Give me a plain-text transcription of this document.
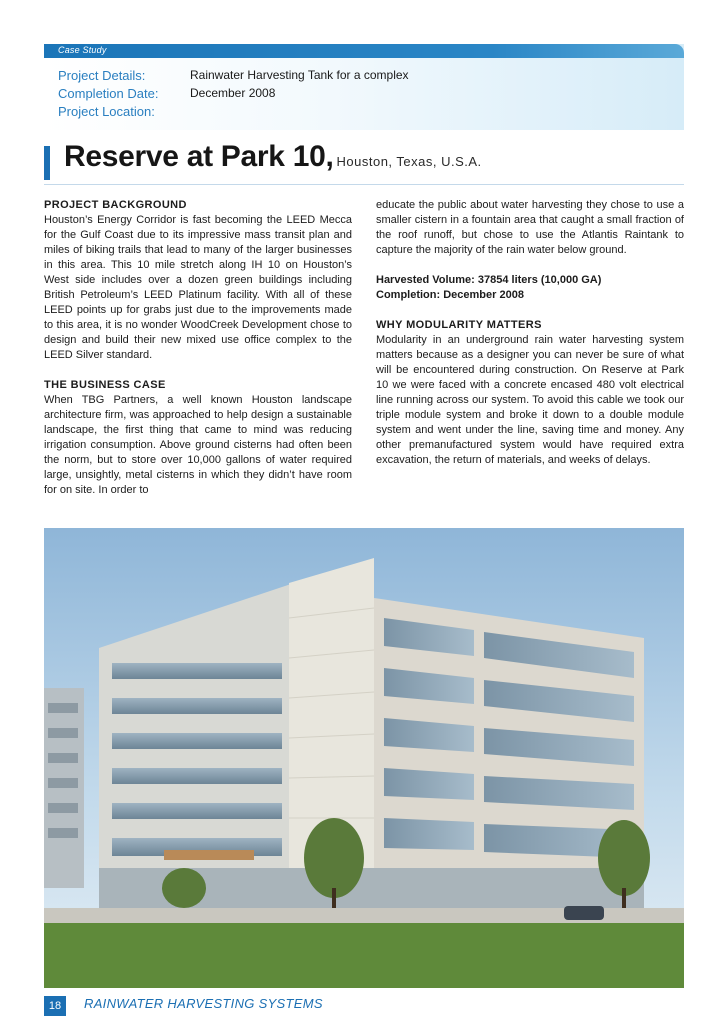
Case Study
Project Details:	Rainwater Harvesting Tank for a complex
Completion Date:	December 2008
Project Location:
Reserve at Park 10, Houston, Texas, U.S.A.
PROJECT BACKGROUND

Houston’s Energy Corridor is fast becoming the LEED Mecca for the Gulf Coast due to its impressive mass transit plan and miles of biking trails that lead to many of the larger businesses in this area. This 10 mile stretch along IH 10 on Houston’s West side includes over a dozen green buildings including British Petroleum’s LEED Platinum facility. With all of these LEED points up for grabs just due to the improvements made to this area, it is no wonder WoodCreek Development chose to design and build their new mixed use office complex to the LEED Silver standard.

THE BUSINESS CASE

When TBG Partners, a well known Houston landscape architecture firm, was approached to help design a sustainable landscape, the first thing that came to mind was reducing irrigation consumption. Above ground cisterns had often been the norm, but to store over 10,000 gallons of water required large, unsightly, metal cisterns in which they didn’t have room for on site. In order to

educate the public about water harvesting they chose to use a smaller cistern in a fountain area that caught a small fraction of the roof runoff, but chose to use the Atlantis Raintank to capture the majority of the rain water below ground.

Harvested Volume: 37854 liters (10,000 GA)
Completion: December 2008
WHY MODULARITY MATTERS

Modularity in an underground rain water harvesting system matters because as a designer you can never be sure of what will be encountered during construction. On Reserve at Park 10 we were faced with a concrete encased 480 volt electrical line running across our system. To avoid this cable we took our triple module system and broke it down to a double module system and went under the line, saving time and money. Any other premanufactured system would have required extra excavation, the return of materials, and weeks of delays.

18	RAINWATER HARVESTING SYSTEMS
